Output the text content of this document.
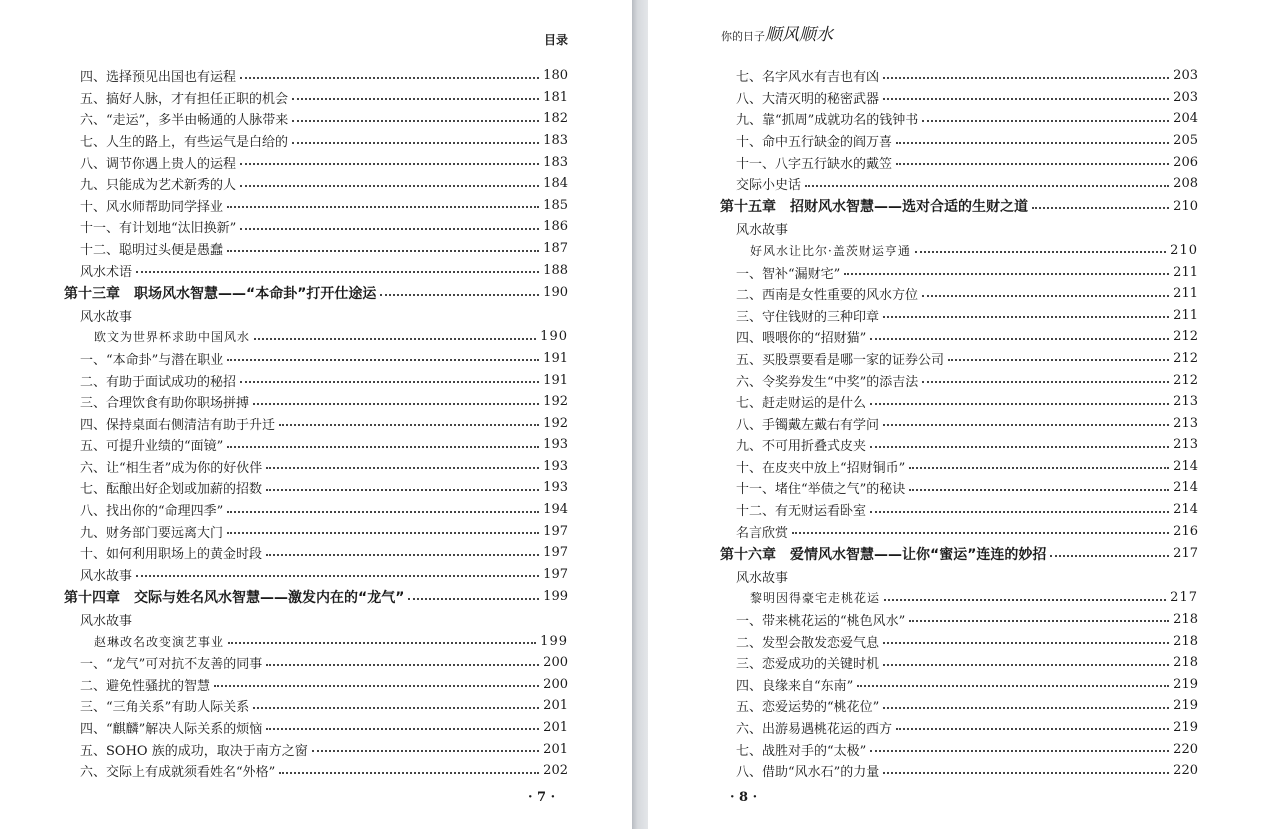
目录
四、选择预见出国也有运程	180
五、搞好人脉，才有担任正职的机会	181
六、“走运”，多半由畅通的人脉带来	182
七、人生的路上，有些运气是白给的	183
八、调节你遇上贵人的运程	183
九、只能成为艺术新秀的人	184
十、风水师帮助同学择业	185
十一、有计划地“汰旧换新”	186
十二、聪明过头便是愚蠢	187
风水术语	188
第十三章　职场风水智慧——“本命卦”打开仕途运	190
风水故事
欧文为世界杯求助中国风水	190
一、“本命卦”与潜在职业	191
二、有助于面试成功的秘招	191
三、合理饮食有助你职场拼搏	192
四、保持桌面右侧清洁有助于升迁	192
五、可提升业绩的“面镜”	193
六、让“相生者”成为你的好伙伴	193
七、酝酿出好企划或加薪的招数	193
八、找出你的“命理四季”	194
九、财务部门要远离大门	197
十、如何利用职场上的黄金时段	197
风水故事	197
第十四章　交际与姓名风水智慧——激发内在的“龙气”	199
风水故事
赵琳改名改变演艺事业	199
一、“龙气”可对抗不友善的同事	200
二、避免性骚扰的智慧	200
三、“三角关系”有助人际关系	201
四、“麒麟”解决人际关系的烦恼	201
五、SOHO 族的成功，取决于南方之窗	201
六、交际上有成就须看姓名“外格”	202
· 7 ·
你的日子顺风顺水
七、名字风水有吉也有凶	203
八、大清灭明的秘密武器	203
九、靠“抓周”成就功名的钱钟书	204
十、命中五行缺金的阎万喜	205
十一、八字五行缺水的戴笠	206
交际小史话	208
第十五章　招财风水智慧——选对合适的生财之道	210
风水故事
好风水让比尔·盖茨财运亨通	210
一、智补“漏财宅”	211
二、西南是女性重要的风水方位	211
三、守住钱财的三种印章	211
四、喂喂你的“招财猫”	212
五、买股票要看是哪一家的证券公司	212
六、令奖券发生“中奖”的添吉法	212
七、赶走财运的是什么	213
八、手镯戴左戴右有学问	213
九、不可用折叠式皮夹	213
十、在皮夹中放上“招财铜币”	214
十一、堵住“举债之气”的秘诀	214
十二、有无财运看卧室	214
名言欣赏	216
第十六章　爱情风水智慧——让你“蜜运”连连的妙招	217
风水故事
黎明因得豪宅走桃花运	217
一、带来桃花运的“桃色风水”	218
二、发型会散发恋爱气息	218
三、恋爱成功的关键时机	218
四、良缘来自“东南”	219
五、恋爱运势的“桃花位”	219
六、出游易遇桃花运的西方	219
七、战胜对手的“太极”	220
八、借助“风水石”的力量	220
· 8 ·
